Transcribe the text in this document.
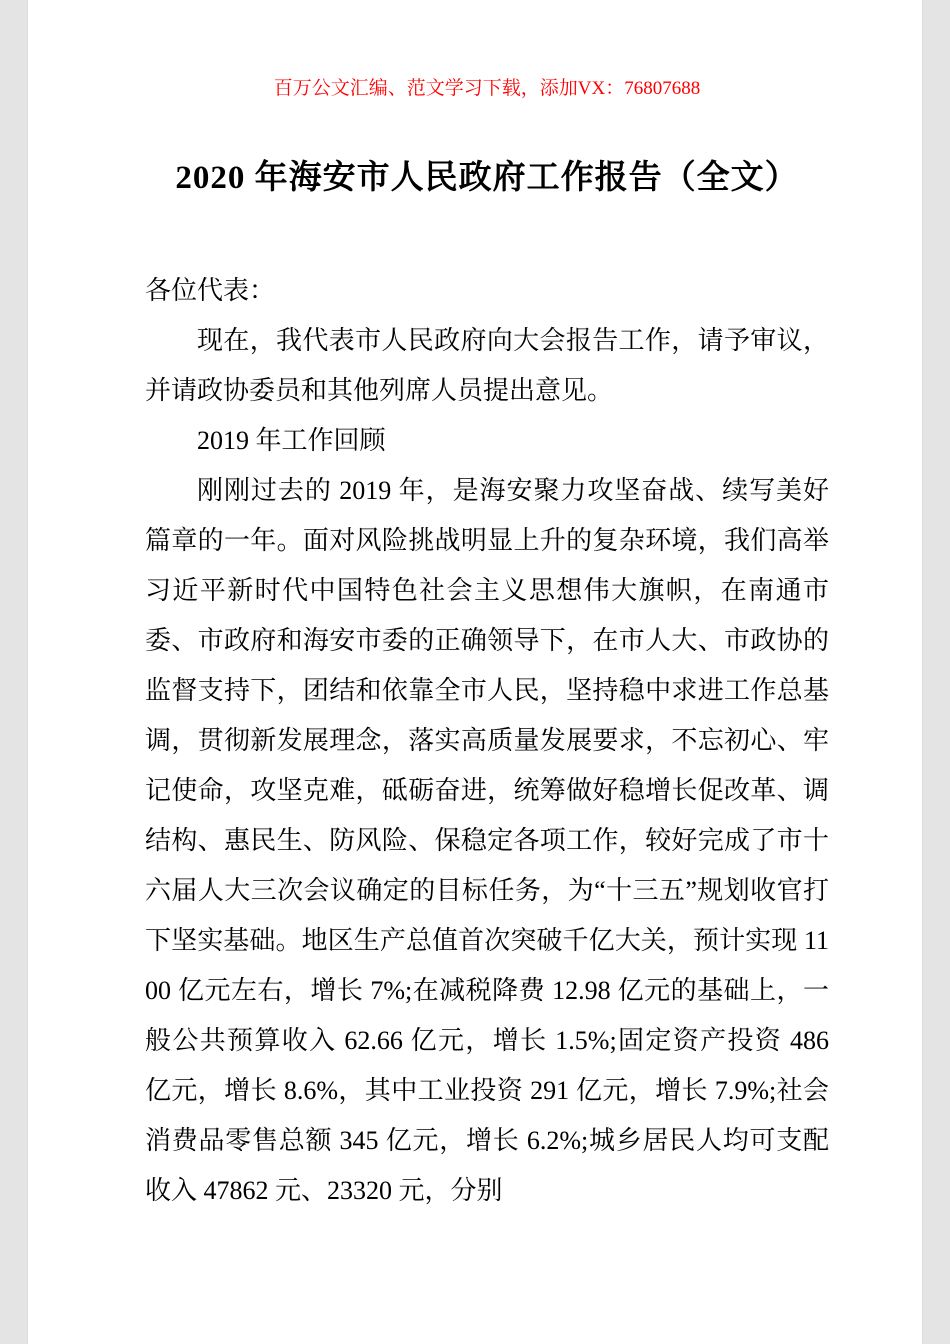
百万公文汇编、范文学习下载，添加VX：76807688
2020 年海安市人民政府工作报告（全文）

各位代表：

现在，我代表市人民政府向大会报告工作，请予审议，并请政协委员和其他列席人员提出意见。

2019 年工作回顾

刚刚过去的 2019 年，是海安聚力攻坚奋战、续写美好篇章的一年。面对风险挑战明显上升的复杂环境，我们高举习近平新时代中国特色社会主义思想伟大旗帜，在南通市委、市政府和海安市委的正确领导下，在市人大、市政协的监督支持下，团结和依靠全市人民，坚持稳中求进工作总基调，贯彻新发展理念，落实高质量发展要求，不忘初心、牢记使命，攻坚克难，砥砺奋进，统筹做好稳增长促改革、调结构、惠民生、防风险、保稳定各项工作，较好完成了市十六届人大三次会议确定的目标任务，为“十三五”规划收官打下坚实基础。地区生产总值首次突破千亿大关，预计实现 1100 亿元左右，增长 7%;在减税降费 12.98 亿元的基础上，一般公共预算收入 62.66 亿元，增长 1.5%;固定资产投资 486 亿元，增长 8.6%，其中工业投资 291 亿元，增长 7.9%;社会消费品零售总额 345 亿元，增长 6.2%;城乡居民人均可支配收入 47862 元、23320 元，分别
